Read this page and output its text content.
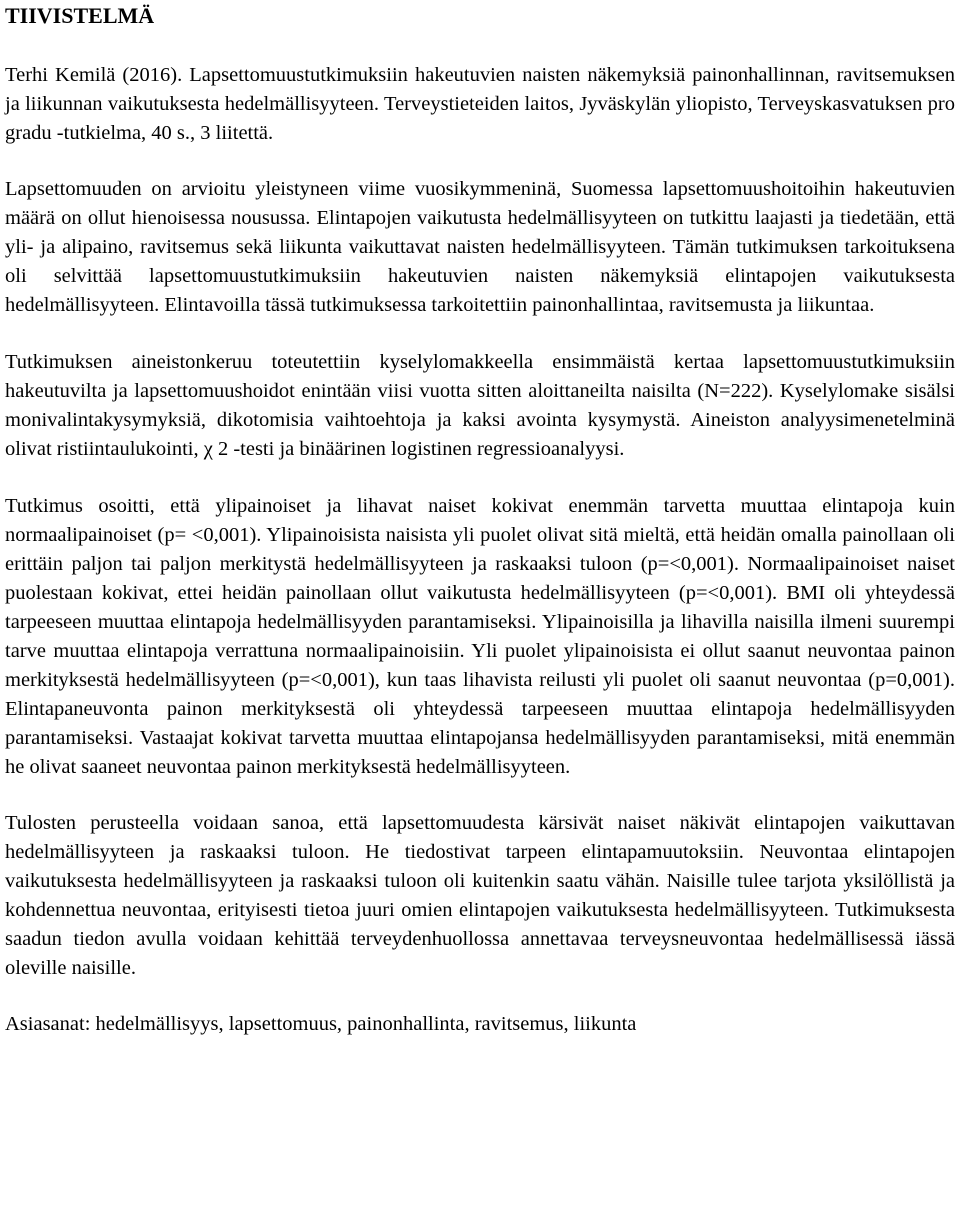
TIIVISTELMÄ

Terhi Kemilä (2016). Lapsettomuustutkimuksiin hakeutuvien naisten näkemyksiä painonhallinnan, ravitsemuksen ja liikunnan vaikutuksesta hedelmällisyyteen. Terveystieteiden laitos, Jyväskylän yliopisto, Terveyskasvatuksen pro gradu -tutkielma, 40 s., 3 liitettä.

Lapsettomuuden on arvioitu yleistyneen viime vuosikymmeninä, Suomessa lapsettomuushoitoihin hakeutuvien määrä on ollut hienoisessa nousussa. Elintapojen vaikutusta hedelmällisyyteen on tutkittu laajasti ja tiedetään, että yli- ja alipaino, ravitsemus sekä liikunta vaikuttavat naisten hedelmällisyyteen. Tämän tutkimuksen tarkoituksena oli selvittää lapsettomuustutkimuksiin hakeutuvien naisten näkemyksiä elintapojen vaikutuksesta hedelmällisyyteen. Elintavoilla tässä tutkimuksessa tarkoitettiin painonhallintaa, ravitsemusta ja liikuntaa.

Tutkimuksen aineistonkeruu toteutettiin kyselylomakkeella ensimmäistä kertaa lapsettomuustutkimuksiin hakeutuvilta ja lapsettomuushoidot enintään viisi vuotta sitten aloittaneilta naisilta (N=222). Kyselylomake sisälsi monivalintakysymyksiä, dikotomisia vaihtoehtoja ja kaksi avointa kysymystä. Aineiston analyysimenetelminä olivat ristiintaulukointi, χ 2 -testi ja binäärinen logistinen regressioanalyysi.

Tutkimus osoitti, että ylipainoiset ja lihavat naiset kokivat enemmän tarvetta muuttaa elintapoja kuin normaalipainoiset (p= <0,001). Ylipainoisista naisista yli puolet olivat sitä mieltä, että heidän omalla painollaan oli erittäin paljon tai paljon merkitystä hedelmällisyyteen ja raskaaksi tuloon (p=<0,001). Normaalipainoiset naiset puolestaan kokivat, ettei heidän painollaan ollut vaikutusta hedelmällisyyteen (p=<0,001). BMI oli yhteydessä tarpeeseen muuttaa elintapoja hedelmällisyyden parantamiseksi. Ylipainoisilla ja lihavilla naisilla ilmeni suurempi tarve muuttaa elintapoja verrattuna normaalipainoisiin. Yli puolet ylipainoisista ei ollut saanut neuvontaa painon merkityksestä hedelmällisyyteen (p=<0,001), kun taas lihavista reilusti yli puolet oli saanut neuvontaa (p=0,001). Elintapaneuvonta painon merkityksestä oli yhteydessä tarpeeseen muuttaa elintapoja hedelmällisyyden parantamiseksi. Vastaajat kokivat tarvetta muuttaa elintapojansa hedelmällisyyden parantamiseksi, mitä enemmän he olivat saaneet neuvontaa painon merkityksestä hedelmällisyyteen.

Tulosten perusteella voidaan sanoa, että lapsettomuudesta kärsivät naiset näkivät elintapojen vaikuttavan hedelmällisyyteen ja raskaaksi tuloon. He tiedostivat tarpeen elintapamuutoksiin. Neuvontaa elintapojen vaikutuksesta hedelmällisyyteen ja raskaaksi tuloon oli kuitenkin saatu vähän. Naisille tulee tarjota yksilöllistä ja kohdennettua neuvontaa, erityisesti tietoa juuri omien elintapojen vaikutuksesta hedelmällisyyteen. Tutkimuksesta saadun tiedon avulla voidaan kehittää terveydenhuollossa annettavaa terveysneuvontaa hedelmällisessä iässä oleville naisille.

Asiasanat: hedelmällisyys, lapsettomuus, painonhallinta, ravitsemus, liikunta
